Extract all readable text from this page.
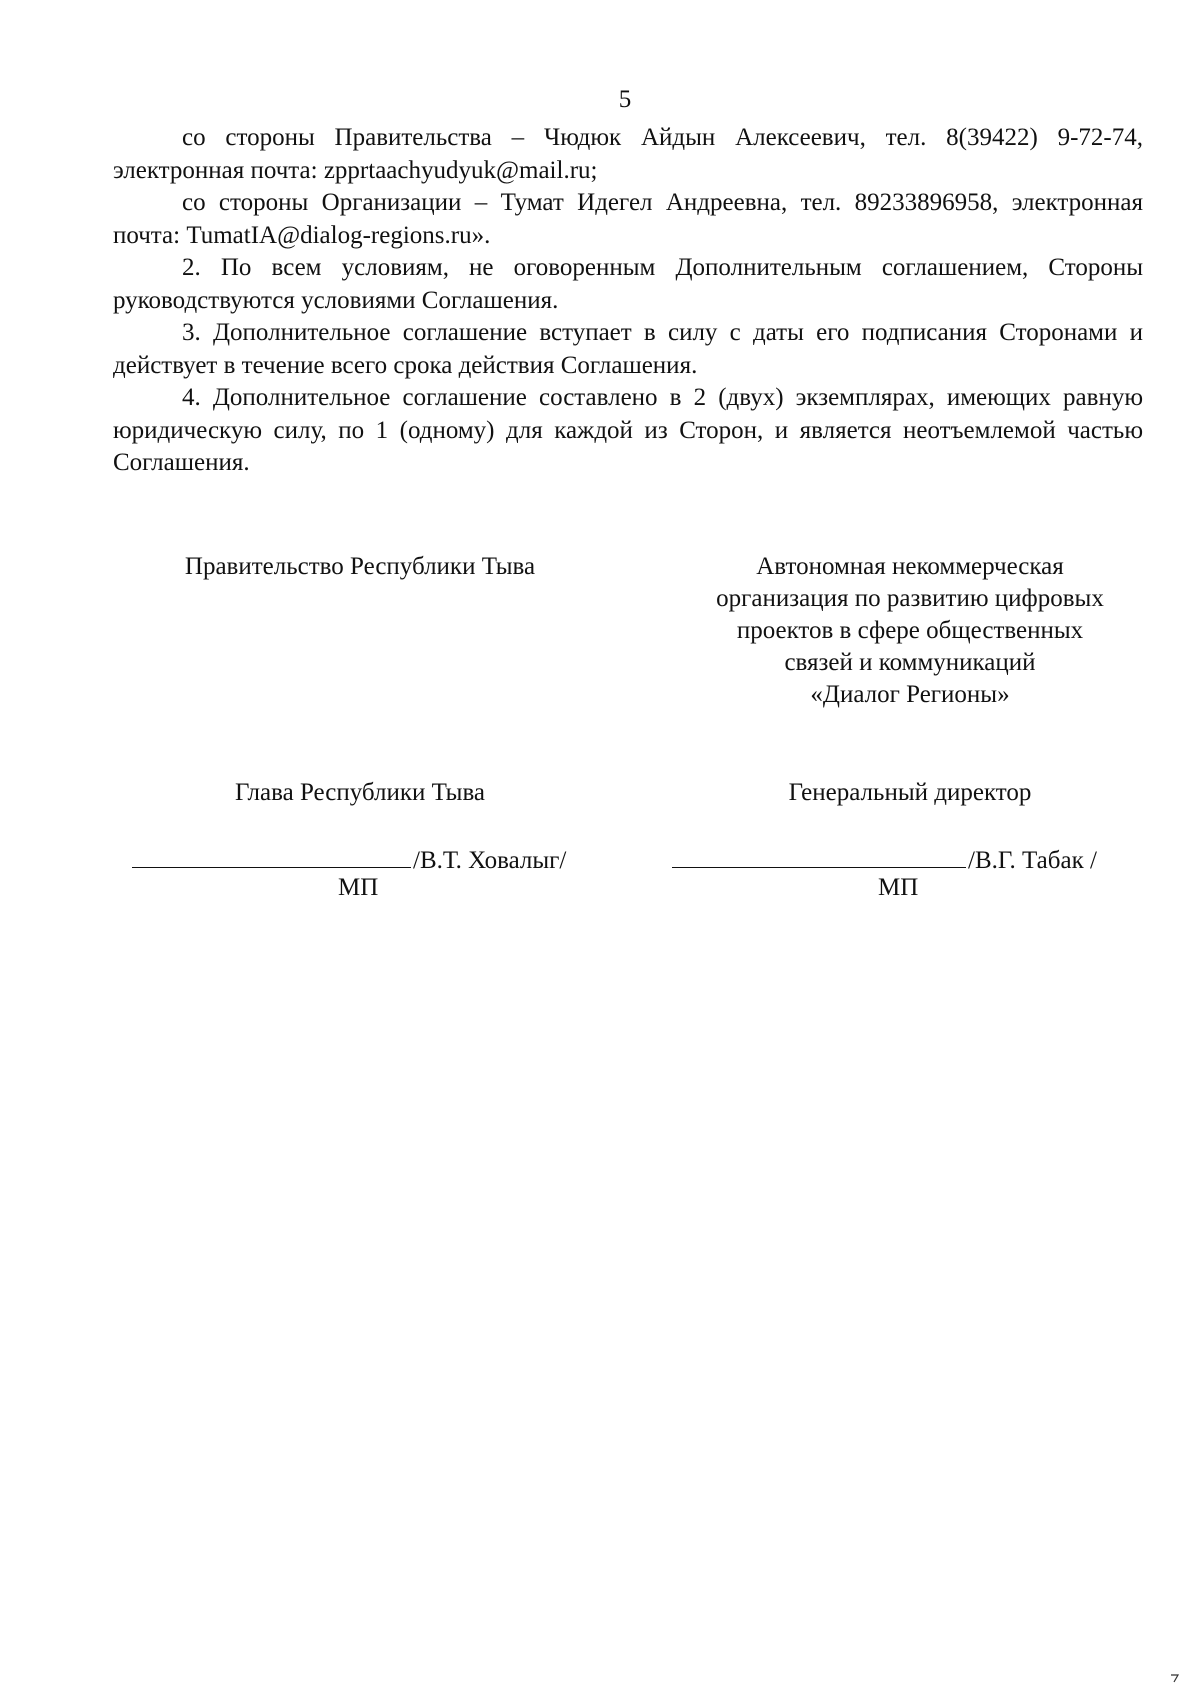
5

со стороны Правительства – Чюдюк Айдын Алексеевич, тел. 8(39422) 9-72-74, электронная почта: zpprtaachyudyuk@mail.ru;

со стороны Организации – Тумат Идегел Андреевна, тел. 89233896958, электронная почта: TumatIA@dialog-regions.ru».

2. По всем условиям, не оговоренным Дополнительным соглашением, Стороны руководствуются условиями Соглашения.

3. Дополнительное соглашение вступает в силу с даты его подписания Сторонами и действует в течение всего срока действия Соглашения.

4. Дополнительное соглашение составлено в 2 (двух) экземплярах, имеющих равную юридическую силу, по 1 (одному) для каждой из Сторон, и является неотъемлемой частью Соглашения.

Правительство Республики Тыва	Автономная некоммерческая
организация по развитию цифровых
проектов в сфере общественных
связей и коммуникаций
«Диалог Регионы»
Глава Республики Тыва	Генеральный директор
/В.Т. Ховалыг/	/В.Г. Табак /
МП	МП
